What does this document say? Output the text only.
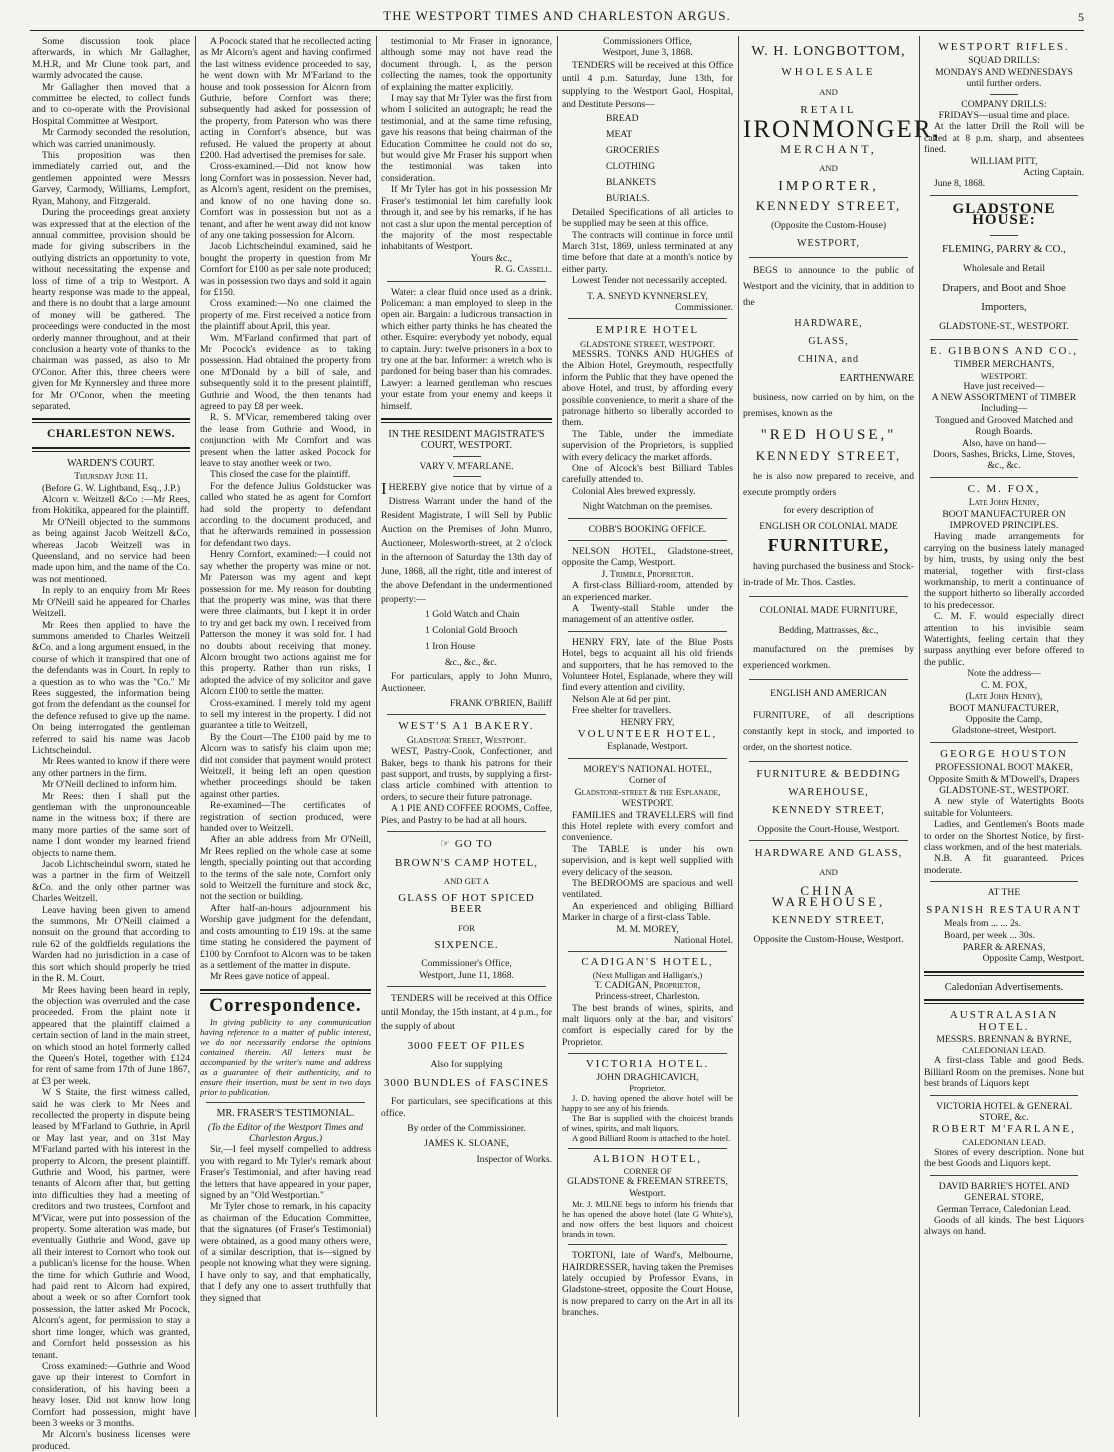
THE WESTPORT TIMES AND CHARLESTON ARGUS.	5

Some discussion took place afterwards, in which Mr Gallagher, M.H.R, and Mr Clune took part, and warmly advocated the cause.

Mr Gallagher then moved that a committee be elected, to collect funds and to co-operate with the Provisional Hospital Committee at Westport.

Mr Carmody seconded the resolution, which was carried unanimously.

This proposition was then immediately carried out, and the gentlemen appointed were Messrs Garvey, Carmody, Williams, Lempfort, Ryan, Mahony, and Fitzgerald.

During the proceedings great anxiety was expressed that at the election of the annual committee, provision should be made for giving subscribers in the outlying districts an opportunity to vote, without necessitating the expense and loss of time of a trip to Westport. A hearty response was made to the appeal, and there is no doubt that a large amount of money will be gathered. The proceedings were conducted in the most orderly manner throughout, and at their conclusion a hearty vote of thanks to the chairman was passed, as also to Mr O'Conor. After this, three cheers were given for Mr Kynnersley and three more for Mr O'Conor, when the meeting separated.

CHARLESTON NEWS.

WARDEN'S COURT.

Thursday June 11.

(Before G. W. Lightband, Esq., J.P.)

Alcorn v. Weitzell &Co :—Mr Rees, from Hokitika, appeared for the plaintiff.

Mr O'Neill objected to the summons as being against Jacob Weitzell &Co, whereas Jacob Weitzell was in Queensland, and no service had been made upon him, and the name of the Co. was not mentioned.

In reply to an enquiry from Mr Rees Mr O'Neill said he appeared for Charles Weitzell.

Mr Rees then applied to have the summons amended to Charles Weitzell &Co. and a long argument ensued, in the course of which it transpired that one of the defendants was in Court. In reply to a question as to who was the "Co." Mr Rees suggested, the information being got from the defendant as the counsel for the defence refused to give up the name. On being interrogated the gentleman referred to said his name was Jacob Lichtscheindul.

Mr Rees wanted to know if there were any other partners in the firm.

Mr O'Neill declined to inform him.

Mr Rees: then I shall put the gentleman with the unpronounceable name in the witness box; if there are many more parties of the same sort of name I dont wonder my learned friend objects to name them.

Jacob Lichtscheindul sworn, stated he was a partner in the firm of Weitzell &Co. and the only other partner was Charles Weitzell.

Leave having been given to amend the summons, Mr O'Neill claimed a nonsuit on the ground that according to rule 62 of the goldfields regulations the Warden had no jurisdiction in a case of this sort which should properly be tried in the R. M. Court.

Mr Rees having been heard in reply, the objection was overruled and the case proceeded. From the plaint note it appeared that the plaintiff claimed a certain section of land in the main street, on which stood an hotel formerly called the Queen's Hotel, together with £124 for rent of same from 17th of June 1867, at £3 per week.

W S Staite, the first witness called, said he was clerk to Mr Nees and recollected the property in dispute being leased by M'Farland to Guthrie, in April or May last year, and on 31st May M'Farland parted with his interest in the property to Alcorn, the present plaintiff. Guthrie and Wood, his partner, were tenants of Alcorn after that, but getting into difficulties they had a meeting of creditors and two trustees, Cornfoot and M'Vicar, were put into possession of the property. Some alteration was made, but eventually Guthrie and Wood, gave up all their interest to Cornort who took out a publican's license for the house. When the time for which Guthrie and Wood, had paid rent to Alcorn had expired, about a week or so after Cornfort took possession, the latter asked Mr Pocock, Alcorn's agent, for permission to stay a short time longer, which was granted, and Cornfort held possession as his tenant.

Cross examined:—Guthrie and Wood gave up their interest to Cornfort in consideration, of his having been a heavy loser. Did not know how long Cornfort had possession, might have been 3 weeks or 3 months.

Mr Alcorn's business licenses were produced.

A Pocock stated that he recollected acting as Mr Alcorn's agent and having confirmed the last witness evidence proceeded to say, he went down with Mr M'Farland to the house and took possession for Alcorn from Guthrie, before Cornfort was there; subsequently had asked for possession of the property, from Paterson who was there acting in Cornfort's absence, but was refused. He valued the property at about £200. Had advertised the premises for sale.

Cross-examined.—Did not know how long Cornfort was in possession. Never had, as Alcorn's agent, resident on the premises, and know of no one having done so. Cornfort was in possession but not as a tenant, and after he went away did not know of any one taking possession for Alcorn.

Jacob Lichtscheindul examined, said he bought the property in question from Mr Cornfort for £100 as per sale note produced; was in possession two days and sold it again for £150.

Cross examined:—No one claimed the property of me. First received a notice from the plaintiff about April, this year.

Wm. M'Farland confirmed that part of Mr Pocock's evidence as to taking possession. Had obtained the property from one M'Donald by a bill of sale, and subsequently sold it to the present plaintiff, Guthrie and Wood, the then tenants had agreed to pay £8 per week.

R. S. M'Vicar, remembered taking over the lease from Guthrie and Wood, in conjunction with Mr Cornfort and was present when the latter asked Pocock for leave to stay another week or two.

This closed the case for the plaintiff.

For the defence Julius Goldstucker was called who stated he as agent for Cornfort had sold the property to defendant according to the document produced, and that he afterwards remained in possession for defendant two days.

Henry Cornfort, examined:—I could not say whether the property was mine or not. Mr Paterson was my agent and kept possession for me. My reason for doubting that the property was mine, was that there were three claimants, but I kept it in order to try and get back my own. I received from Patterson the money it was sold for. I had no doubts about receiving that money. Alcorn brought two actions against me for this property. Rather than run risks, I adopted the advice of my solicitor and gave Alcorn £100 to settle the matter.

Cross-examined. I merely told my agent to sell my interest in the property. I did not guarantee a title to Weitzell,

By the Court—The £100 paid by me to Alcorn was to satisfy his claim upon me; did not consider that payment would protect Weitzell, it being left an open question whether proceedings should be taken against other parties.

Re-examined—The certificates of registration of section produced, were handed over to Weitzell.

After an able address from Mr O'Neill, Mr Rees replied on the whole case at some length, specially pointing out that according to the terms of the sale note, Cornfort only sold to Weitzell the furniture and stock &c, not the section or building.

After half-an-hours adjournment his Worship gave judgment for the defendant, and costs amounting to £19 19s. at the same time stating he considered the payment of £100 by Cornfoot to Alcorn was to be taken as a settlement of the matter in dispute.

Mr Rees gave notice of appeal.

Correspondence.

In giving publicity to any communication having reference to a matter of public interest, we do not necessarily endorse the opinions contained therein. All letters must be accompanied by the writer's name and address as a guarantee of their authenticity, and to ensure their insertion, must be sent in two days prior to publication.

MR. FRASER'S TESTIMONIAL.

(To the Editor of the Westport Times and Charleston Argus.)

Sir,—I feel myself compelled to address you with regard to Mr Tyler's remark about Fraser's Testimonial, and after having read the letters that have appeared in your paper, signed by an "Old Westportian."

Mr Tyler chose to remark, in his capacity as chairman of the Education Committee, that the signatures (of Fraser's Testimonial) were obtained, as a good many others were, of a similar description, that is—signed by people not knowing what they were signing. I have only to say, and that emphatically, that I defy any one to assert truthfully that they signed that

testimonial to Mr Fraser in ignorance, although some may not have read the document through. I, as the person collecting the names, took the opportunity of explaining the matter explicitly.

I may say that Mr Tyler was the first from whom I solicited an autograph; he read the testimonial, and at the same time refusing, gave his reasons that being chairman of the Education Committee he could not do so, but would give Mr Fraser his support when the testimonial was taken into consideration.

If Mr Tyler has got in his possession Mr Fraser's testimonial let him carefully look through it, and see by his remarks, if he has not cast a slur upon the mental perception of the majority of the most respectable inhabitants of Westport.

Yours &c.,

R. G. Cassell.

Water: a clear fluid once used as a drink. Policeman: a man employed to sleep in the open air. Bargain: a ludicrous transaction in which either party thinks he has cheated the other. Esquire: everybody yet nobody, equal to captain. Jury: twelve prisoners in a box to try one at the bar. Informer: a wretch who is pardoned for being baser than his comrades. Lawyer: a learned gentleman who rescues your estate from your enemy and keeps it himself.

IN THE RESIDENT MAGISTRATE'S COURT, WESTPORT.

VARY V. M'FARLANE.

IHEREBY give notice that by virtue of a Distress Warrant under the hand of the Resident Magistrate, I will Sell by Public Auction on the Premises of John Munro, Auctioneer, Molesworth-street, at 2 o'clock in the afternoon of Saturday the 13th day of June, 1868, all the right, title and interest of the above Defendant in the undermentioned property:—

1 Gold Watch and Chain

1 Colonial Gold Brooch

1 Iron House

&c., &c., &c.

For particulars, apply to John Munro, Auctioneer.

FRANK O'BRIEN, Bailiff

WEST'S A1 BAKERY.

Gladstone Street, Westport.

WEST, Pastry-Cook, Confectioner, and Baker, begs to thank his patrons for their past support, and trusts, by supplying a first-class article combined with attention to orders, to secure their future patronage.

A 1 PIE AND COFFEE ROOMS, Coffee, Pies, and Pastry to be had at all hours.

☞ GO TO

BROWN'S CAMP HOTEL,

AND GET A

GLASS OF HOT SPICED BEER

FOR

SIXPENCE.

Commissioner's Office,

Westport, June 11, 1868.

TENDERS will be received at this Office until Monday, the 15th instant, at 4 p.m., for the supply of about

3000 FEET OF PILES

Also for supplying

3000 BUNDLES of FASCINES

For particulars, see specifications at this office.

By order of the Commissioner.

JAMES K. SLOANE,

Inspector of Works.

Commissioners Office,

Westport, June 3, 1868.

TENDERS will be received at this Office until 4 p.m. Saturday, June 13th, for supplying to the Westport Gaol, Hospital, and Destitute Persons—

BREAD

MEAT

GROCERIES

CLOTHING

BLANKETS

BURIALS.

Detailed Specifications of all articles to be supplied may be seen at this office.

The contracts will continue in force until March 31st, 1869, unless terminated at any time before that date at a month's notice by either party.

Lowest Tender not necessarily accepted.

T. A. SNEYD KYNNERSLEY,

Commissioner.

EMPIRE HOTEL

GLADSTONE STREET, WESTPORT.

MESSRS. TONKS AND HUGHES of the Albion Hotel, Greymouth, respectfully inform the Public that they have opened the above Hotel, and trust, by affording every possible convenience, to merit a share of the patronage hitherto so liberally accorded to them.

The Table, under the immediate supervision of the Proprietors, is supplied with every delicacy the market affords.

One of Alcock's best Billiard Tables carefully attended to.

Colonial Ales brewed expressly.

Night Watchman on the premises.

COBB'S BOOKING OFFICE.

NELSON HOTEL, Gladstone-street, opposite the Camp, Westport.

J. Trimble, Proprietor.

A first-class Billiard-room, attended by an experienced marker.

A Twenty-stall Stable under the management of an attentive ostler.

HENRY FRY, late of the Blue Posts Hotel, begs to acquaint all his old friends and supporters, that he has removed to the Volunteer Hotel, Esplanade, where they will find every attention and civility.

Nelson Ale at 6d per pint.

Free shelter for travellers.

HENRY FRY,

VOLUNTEER HOTEL,

Esplanade, Westport.

MOREY'S NATIONAL HOTEL,

Corner of

Gladstone-street & the Esplanade, WESTPORT.

FAMILIES and TRAVELLERS will find this Hotel replete with every comfort and convenience.

The TABLE is under his own supervision, and is kept well supplied with every delicacy of the season.

The BEDROOMS are spacious and well ventilated.

An experienced and obliging Billiard Marker in charge of a first-class Table.

M. M. MOREY,

National Hotel.

CADIGAN'S HOTEL,

(Next Mulligan and Halligan's,)

T. CADIGAN, Proprietor,

Princess-street, Charleston.

The best brands of wines, spirits, and malt liquors only at the bar, and visitors' comfort is especially cared for by the Proprietor.

VICTORIA HOTEL.

JOHN DRAGHICAVICH,

Proprietor.

J. D. having opened the above hotel will be happy to see any of his friends.

The Bar is supplied with the choicest brands of wines, spirits, and malt liquors.

A good Billiard Room is attached to the hotel.

ALBION HOTEL,

CORNER OF

GLADSTONE & FREEMAN STREETS,

Westport.

Mr. J. MILNE begs to inform his friends that he has opened the above hotel (late G White's), and now offers the best liquors and choicest brands in town.

TORTONI, late of Ward's, Melbourne, HAIRDRESSER, having taken the Premises lately occupied by Professor Evans, in Gladstone-street, opposite the Court House, is now prepared to carry on the Art in all its branches.

W. H. LONGBOTTOM,

WHOLESALE

AND

RETAIL

IRONMONGER,

MERCHANT,

AND

IMPORTER,

KENNEDY STREET,

(Opposite the Custom-House)

WESTPORT,

BEGS to announce to the public of Westport and the vicinity, that in addition to the

HARDWARE,

GLASS,

CHINA, and

EARTHENWARE

business, now carried on by him, on the premises, known as the

"RED HOUSE,"

KENNEDY STREET,

he is also now prepared to receive, and execute promptly orders

for every description of

ENGLISH OR COLONIAL MADE

FURNITURE,

having purchased the business and Stock-in-trade of Mr. Thos. Castles.

COLONIAL MADE FURNITURE,

Bedding, Mattrasses, &c.,

manufactured on the premises by experienced workmen.

ENGLISH AND AMERICAN

FURNITURE, of all descriptions constantly kept in stock, and imported to order, on the shortest notice.

FURNITURE & BEDDING

WAREHOUSE,

KENNEDY STREET,

Opposite the Court-House, Westport.

HARDWARE AND GLASS,

AND

CHINA WAREHOUSE,

KENNEDY STREET,

Opposite the Custom-House, Westport.

WESTPORT RIFLES.

SQUAD DRILLS:

MONDAYS AND WEDNESDAYS

until further orders.

COMPANY DRILLS:

FRIDAYS—usual time and place.

At the latter Drill the Roll will be called at 8 p.m. sharp, and absentees fined.

WILLIAM PITT,

Acting Captain.

June 8, 1868.

GLADSTONE HOUSE:

FLEMING, PARRY & CO.,

Wholesale and Retail

Drapers, and Boot and Shoe

Importers,

GLADSTONE-ST., WESTPORT.

E. GIBBONS AND CO.,

TIMBER MERCHANTS,

WESTPORT.

Have just received—

A NEW ASSORTMENT of TIMBER

Including—

Tongued and Grooved Matched and Rough Boards.

Also, have on hand—

Doors, Sashes, Bricks, Lime, Stoves, &c., &c.

C. M. FOX,

Late John Henry,

BOOT MANUFACTURER ON IMPROVED PRINCIPLES.

Having made arrangements for carrying on the business lately managed by him, trusts, by using only the best material, together with first-class workmanship, to merit a continuance of the support hitherto so liberally accorded to his predecessor.

C. M. F. would especially direct attention to his invisible seam Watertights, feeling certain that they surpass anything ever before offered to the public.

Note the address—

C. M. FOX,

(Late John Henry),

BOOT MANUFACTURER,

Opposite the Camp,

Gladstone-street, Westport.

GEORGE HOUSTON

PROFESSIONAL BOOT MAKER,

Opposite Smith & M'Dowell's, Drapers

GLADSTONE-ST., WESTPORT.

A new style of Watertights Boots suitable for Volunteers.

Ladies, and Gentlemen's Boots made to order on the Shortest Notice, by first-class workmen, and of the best materials.

N.B. A fit guaranteed. Prices moderate.

AT THE

SPANISH RESTAURANT

Meals from ... ... 2s.

Board, per week ... 30s.

PARER & ARENAS,

Opposite Camp, Westport.

Caledonian Advertisements.

AUSTRALASIAN HOTEL.

MESSRS. BRENNAN & BYRNE,

CALEDONIAN LEAD.

A first-class Table and good Beds. Billiard Room on the premises. None but best brands of Liquors kept

VICTORIA HOTEL & GENERAL STORE, &c.

ROBERT M'FARLANE,

CALEDONIAN LEAD.

Stores of every description. None but the best Goods and Liquors kept.

DAVID BARRIE'S HOTEL AND GENERAL STORE,

German Terrace, Caledonian Lead.

Goods of all kinds. The best Liquors always on hand.
